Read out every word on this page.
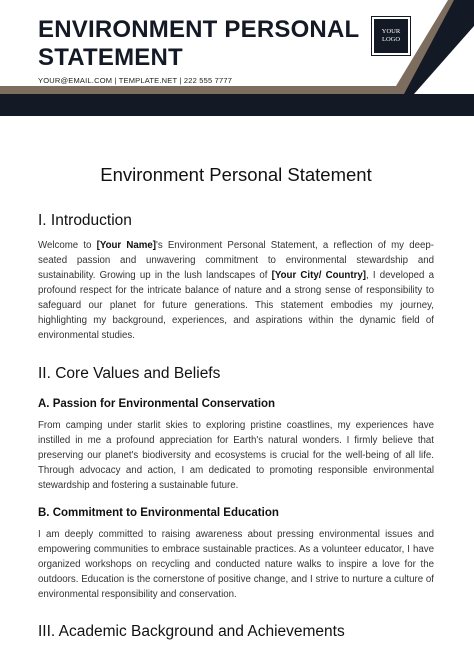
ENVIRONMENT PERSONAL STATEMENT
YOUR@EMAIL.COM | TEMPLATE.NET | 222 555 7777
YOUR LOGO
Environment Personal Statement
I. Introduction

Welcome to [Your Name]'s Environment Personal Statement, a reflection of my deep-seated passion and unwavering commitment to environmental stewardship and sustainability. Growing up in the lush landscapes of [Your City/ Country], I developed a profound respect for the intricate balance of nature and a strong sense of responsibility to safeguard our planet for future generations. This statement embodies my journey, highlighting my background, experiences, and aspirations within the dynamic field of environmental studies.

II. Core Values and Beliefs
A. Passion for Environmental Conservation

From camping under starlit skies to exploring pristine coastlines, my experiences have instilled in me a profound appreciation for Earth's natural wonders. I firmly believe that preserving our planet's biodiversity and ecosystems is crucial for the well-being of all life. Through advocacy and action, I am dedicated to promoting responsible environmental stewardship and fostering a sustainable future.

B. Commitment to Environmental Education

I am deeply committed to raising awareness about pressing environmental issues and empowering communities to embrace sustainable practices. As a volunteer educator, I have organized workshops on recycling and conducted nature walks to inspire a love for the outdoors. Education is the cornerstone of positive change, and I strive to nurture a culture of environmental responsibility and conservation.

III. Academic Background and Achievements
